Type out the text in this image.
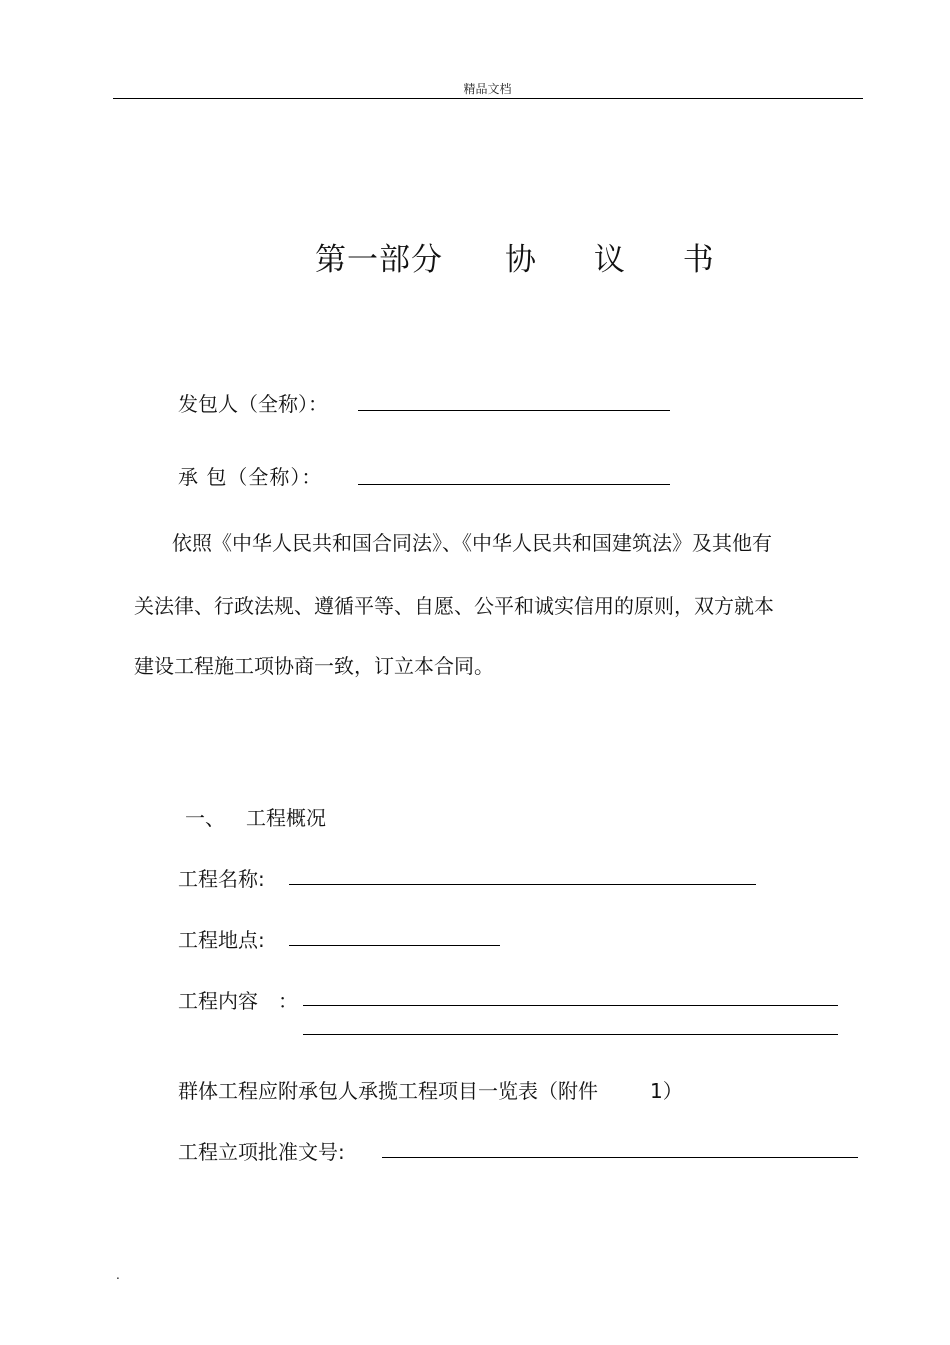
精品文档
第一部分 协 议 书
发包人（全称）：
承 包（全称）：
依照《中华人民共和国合同法》、《中华人民共和国建筑法》及其他有
关法律、行政法规、遵循平等、自愿、公平和诚实信用的原则，双方就本
建设工程施工项协商一致，订立本合同。
一、 工程概况
工程名称:
工程地点:
工程内容 ：
群体工程应附承包人承揽工程项目一览表（附件	1）
工程立项批准文号:
.
